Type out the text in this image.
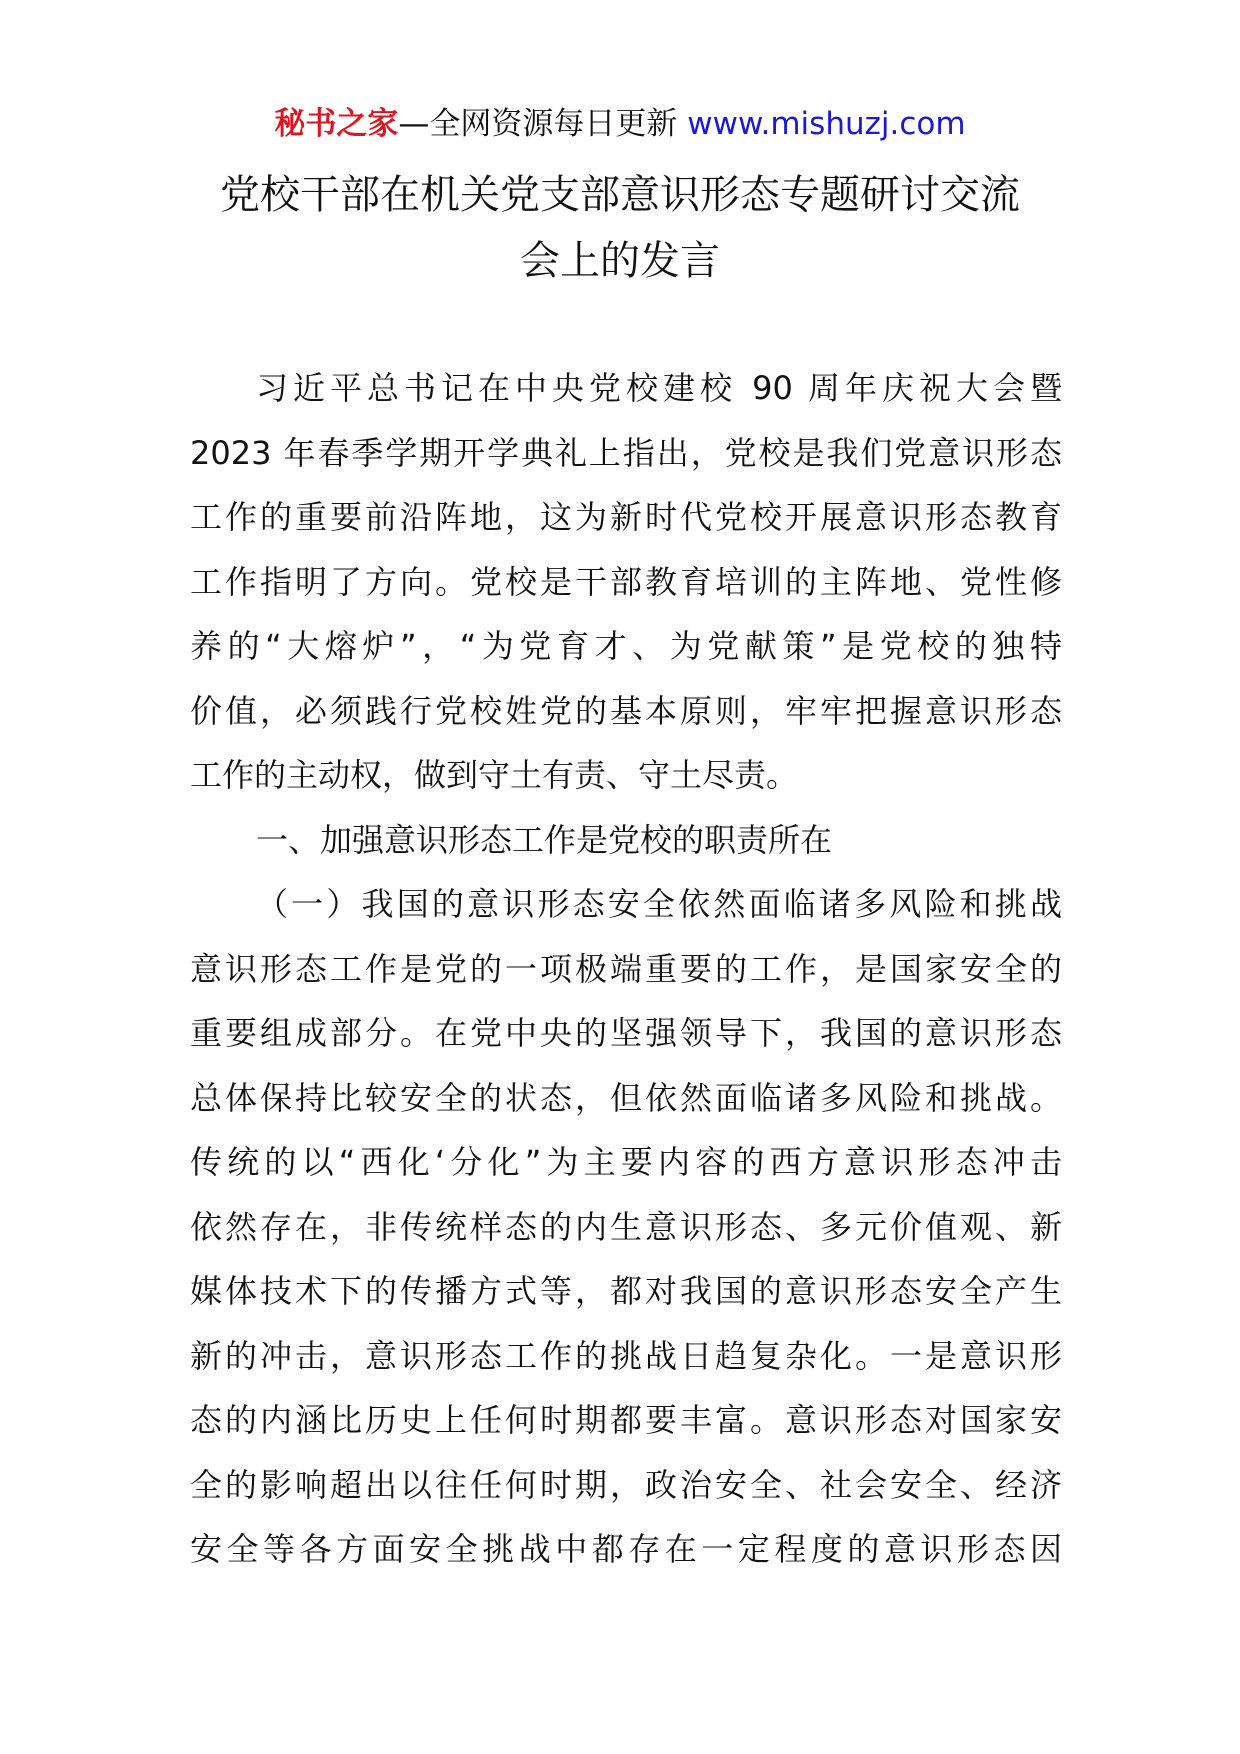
秘书之家—全网资源每日更新 www.mishuzj.com
党校干部在机关党支部意识形态专题研讨交流
会上的发言
习近平总书记在中央党校建校 90 周年庆祝大会暨
2023 年春季学期开学典礼上指出，党校是我们党意识形态
工作的重要前沿阵地，这为新时代党校开展意识形态教育
工作指明了方向。党校是干部教育培训的主阵地、党性修
养的“大熔炉”，“为党育才、为党献策”是党校的独特
价值，必须践行党校姓党的基本原则，牢牢把握意识形态
工作的主动权，做到守土有责、守土尽责。
一、加强意识形态工作是党校的职责所在
（一）我国的意识形态安全依然面临诸多风险和挑战
意识形态工作是党的一项极端重要的工作，是国家安全的
重要组成部分。在党中央的坚强领导下，我国的意识形态
总体保持比较安全的状态，但依然面临诸多风险和挑战。
传统的以“西化‘分化”为主要内容的西方意识形态冲击
依然存在，非传统样态的内生意识形态、多元价值观、新
媒体技术下的传播方式等，都对我国的意识形态安全产生
新的冲击，意识形态工作的挑战日趋复杂化。一是意识形
态的内涵比历史上任何时期都要丰富。意识形态对国家安
全的影响超出以往任何时期，政治安全、社会安全、经济
安全等各方面安全挑战中都存在一定程度的意识形态因
